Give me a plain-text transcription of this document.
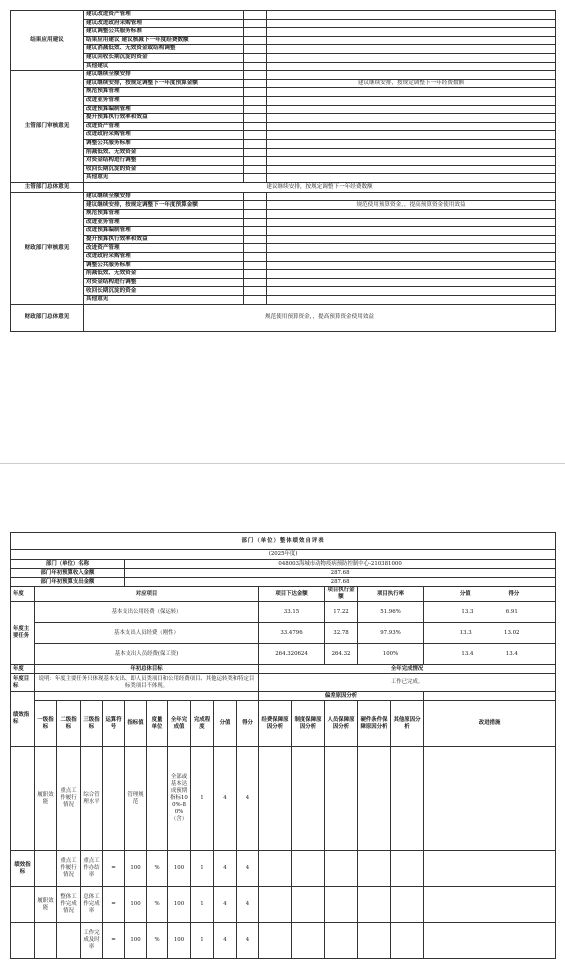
结果应用建议	建议改进资产管理		
	建议改进政府采购管理		
	建议调整公共服务标准		
	结果应用建议 建议核减下一年度经费数额		
	建议消减低效、无效资金或结构调整		
	建议回收长期沉淀的资金		
	其他建议		
主管部门审核意见	建议继续全额安排		
	建议继续安排，按规定调整下一年度预算金额		建议继续安排，按规定调整下一年经费数额
	规范预算管理		
	改进业务管理		
	改进预算编制管理		
	提升预算执行效率和效益		
	改进资产管理		
	改进政府采购管理		
	调整公共服务标准		
	削减低效、无效资金		
	对资金结构进行调整		
	收回长期沉淀的资金		
	其他意见		
主管部门总体意见	建议继续安排，按规定调整下一年经费数额		
财政部门审核意见	建议继续全额安排		
	建议继续安排，按规定调整下一年度预算金额		规范使用预算资金，，提高预算资金使用效益
	规范预算管理		
	改进业务管理		
	改进预算编制管理		
	提升预算执行效率和效益		
	改进资产管理		
	改进政府采购管理		
	调整公共服务标准		
	削减低效、无效资金		
	对资金结构进行调整		
	收回长期沉淀的资金		
	其他意见		
财政部门总体意见	规范使用预算资金，，提高预算资金使用效益		
部门（单位）整体绩效自评表																
(2025年度)																
部门（单位）名称					048003海城市动物疫病预防控制中心-210381000											
部门年初预算收入金额					287.68											
部门年初预算支出金额					287.68											
年度	对应项目										项目下达金额		项目执行金额	项目执行率		分值　　　　　　　 得分
年度主要任务	基本支出公用经费（保运转）										33.15		17.22	51.96%		13.3　　　　　　 6.91
	基本支出人员经费（刚性）										33.4796		32.78	97.93%		13.3　　　　　　 13.02
	基本支出人员经费(保工资)										264.320624		264.32	100%		13.4　　　　　　 13.4
年度	年初总体目标										全年完成情况					
年度目标	说明：年度主要任务只体现基本支出、即人员类项目和公用经费项目、其他运转类和特定目标类项目不体现。										工作已完成。					
绩效指标											偏差原因分析					
	一级指标	二级指标	三级指标	运算符号	指标值	度量单位	全年完成值	完成程度	分值	得分	经费保障原因分析	制度保障原因分析	人员保障原因分析	硬件条件保障原因分析	其他原因分析	改进措施
	履职效能	重点工作履行情况	综合管理水平		管理规范		全部或基本达成预期指标100%-80%（含）	1	4	4						
绩效指标		重点工作履行情况	重点工作办结率	=	100	%	100	1	4	4						
	履职效能	整体工作完成情况	总体工作完成率	=	100	%	100	1	4	4						
			工作完成及时率	=	100	%	100	1	4	4						
